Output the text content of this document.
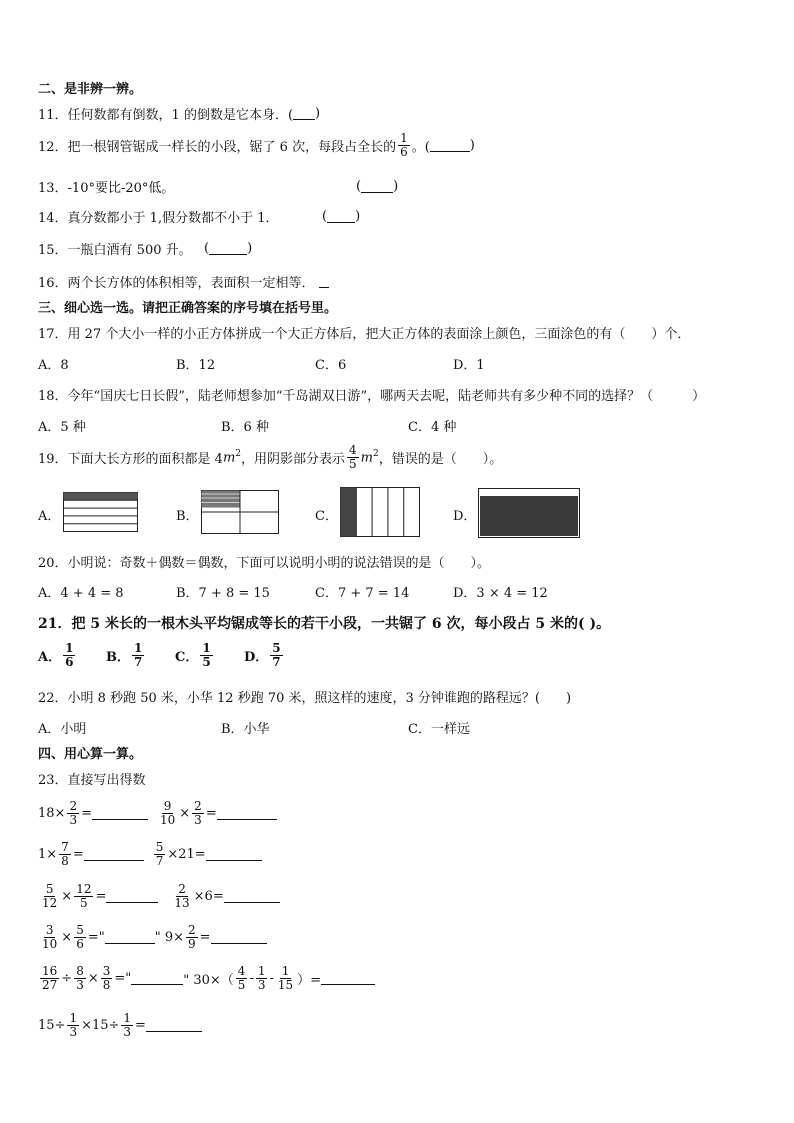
二、是非辨一辨。
11．任何数都有倒数，1 的倒数是它本身．( )
12．把一根钢管锯成一样长的小段，锯了 6 次，每段占全长的 $\frac{1}{6}$ 。(	)
13．-10°要比-20°低。	( )
14．真分数都小于 1,假分数都不小于 1．	( )
15．一瓶白酒有 500 升。 (	)
16．两个长方体的体积相等，表面积一定相等．
三、细心选一选。请把正确答案的序号填在括号里。
17．用 27 个大小一样的小正方体拼成一个大正方体后，把大正方体的表面涂上颜色，三面涂色的有（　　）个．
A．8	B．12	C．6	D．1
18．今年“国庆七日长假”，陆老师想参加“千岛湖双日游”，哪两天去呢，陆老师共有多少种不同的选择？（　　　）
A．5 种	B．6 种	C．4 种
19．下面大长方形的面积都是 4 $m^2$ ，用阴影部分表示 $\frac{4}{5} m^2$ ，错误的是（　　）。
A．	B．	C．	D．
20．小明说：奇数＋偶数＝偶数，下面可以说明小明的说法错误的是（　　）。
A．4 + 4 = 8	B．7 + 8 = 15	C．7 + 7 = 14	D．3 × 4 = 12
21．把 5 米长的一根木头平均锯成等长的若干小段，一共锯了 6 次，每小段占 5 米的( )。
A． $\frac{1}{6}$ B． $\frac{1}{7}$ C． $\frac{1}{5}$ D． $\frac{5}{7}$
22．小明 8 秒跑 50 米，小华 12 秒跑 70 米，照这样的速度，3 分钟谁跑的路程远？(　　)
A．小明	B．小华	C．一样远
四、用心算一算。
23．直接写出得数
$18\times \frac{2}{3}$ =	$\frac{9}{10} \times \frac{2}{3}$ =
$1\times \frac{7}{8}$ =	$\frac{5}{7} \times 21=$
$\frac{5}{12} \times \frac{12}{5}$ =	$\frac{2}{13} \times 6=$
$\frac{3}{10} \times \frac{5}{6}$ ="	" $9\times \frac{2}{9}$ =
$\frac{16}{27} \div \frac{8}{3} \times \frac{3}{8}$ ="	" $30\times( \frac{4}{5} - \frac{1}{3} - \frac{1}{15}$ ）=
$15\div \frac{1}{3} \times 15\div \frac{1}{3}$ =
